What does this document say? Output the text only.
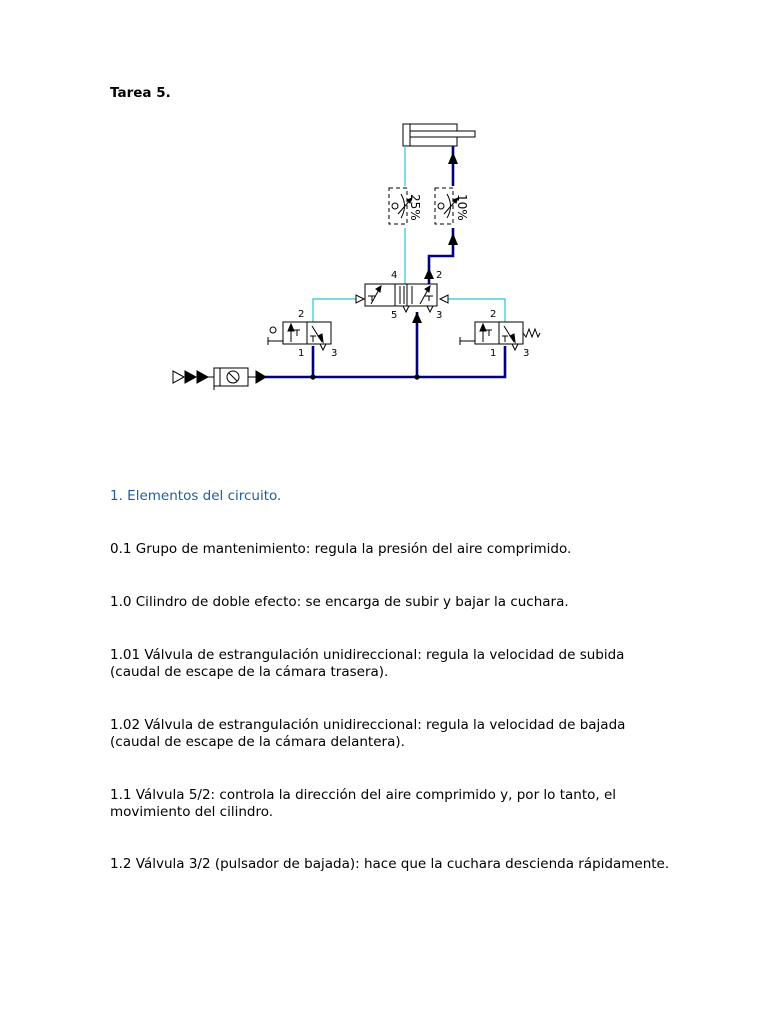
Tarea 5.
25%	10%
4	2
5	3
2
1	3
2
1	3
1. Elementos del circuito.

0.1 Grupo de mantenimiento: regula la presión del aire comprimido.

1.0 Cilindro de doble efecto: se encarga de subir y bajar la cuchara.

1.01 Válvula de estrangulación unidireccional: regula la velocidad de subida (caudal de escape de la cámara trasera).

1.02 Válvula de estrangulación unidireccional: regula la velocidad de bajada (caudal de escape de la cámara delantera).

1.1 Válvula 5/2: controla la dirección del aire comprimido y, por lo tanto, el movimiento del cilindro.

1.2 Válvula 3/2 (pulsador de bajada): hace que la cuchara descienda rápidamente.
